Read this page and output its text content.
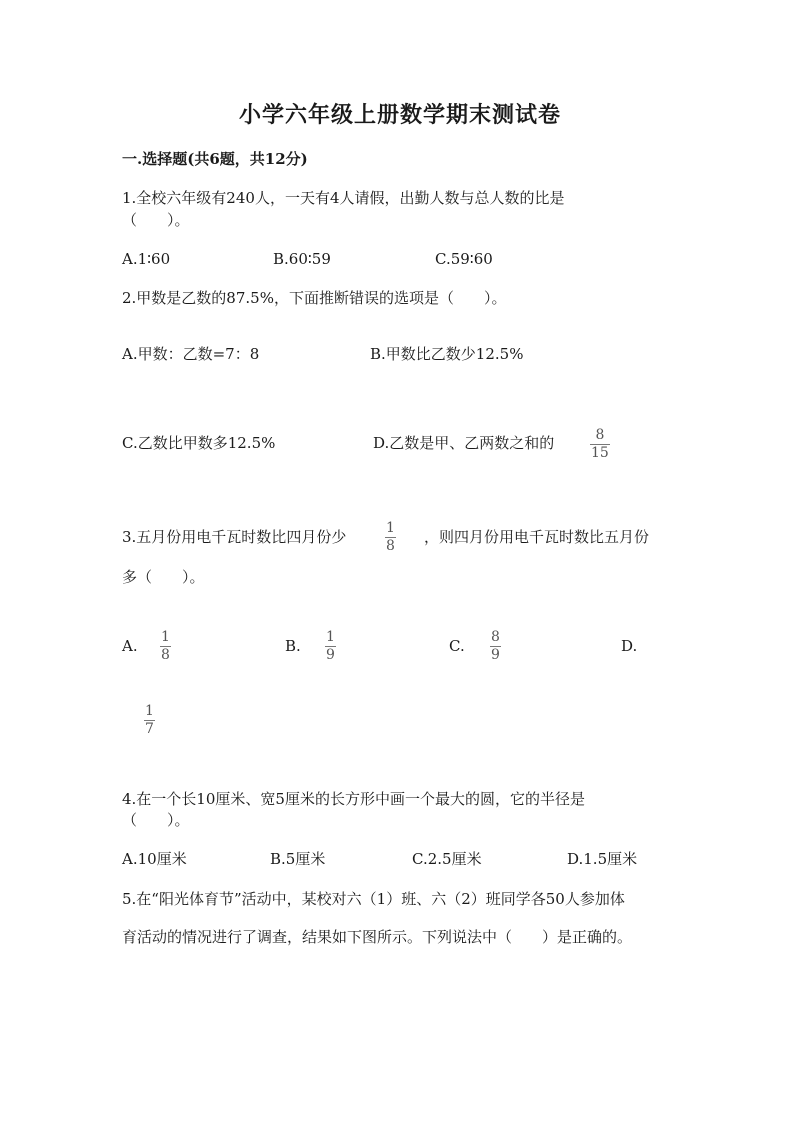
小学六年级上册数学期末测试卷
一.选择题(共6题，共12分)
1.全校六年级有240人，一天有4人请假，出勤人数与总人数的比是
（　　）。
A.1∶60	B.60∶59	C.59∶60
2.甲数是乙数的87.5%，下面推断错误的选项是（　　）。
A.甲数：乙数=7：8	B.甲数比乙数少12.5%
C.乙数比甲数多12.5%	D.乙数是甲、乙两数之和的	8
15
3.五月份用电千瓦时数比四月份少	1
8 ，则四月份用电千瓦时数比五月份
多（　　）。
A. 1
8	B. 1
9	C. 8
9	D.
1
7
4.在一个长10厘米、宽5厘米的长方形中画一个最大的圆，它的半径是
（　　）。
A.10厘米	B.5厘米	C.2.5厘米	D.1.5厘米
5.在“阳光体育节”活动中，某校对六（1）班、六（2）班同学各50人参加体
育活动的情况进行了调查，结果如下图所示。下列说法中（　　）是正确的。
